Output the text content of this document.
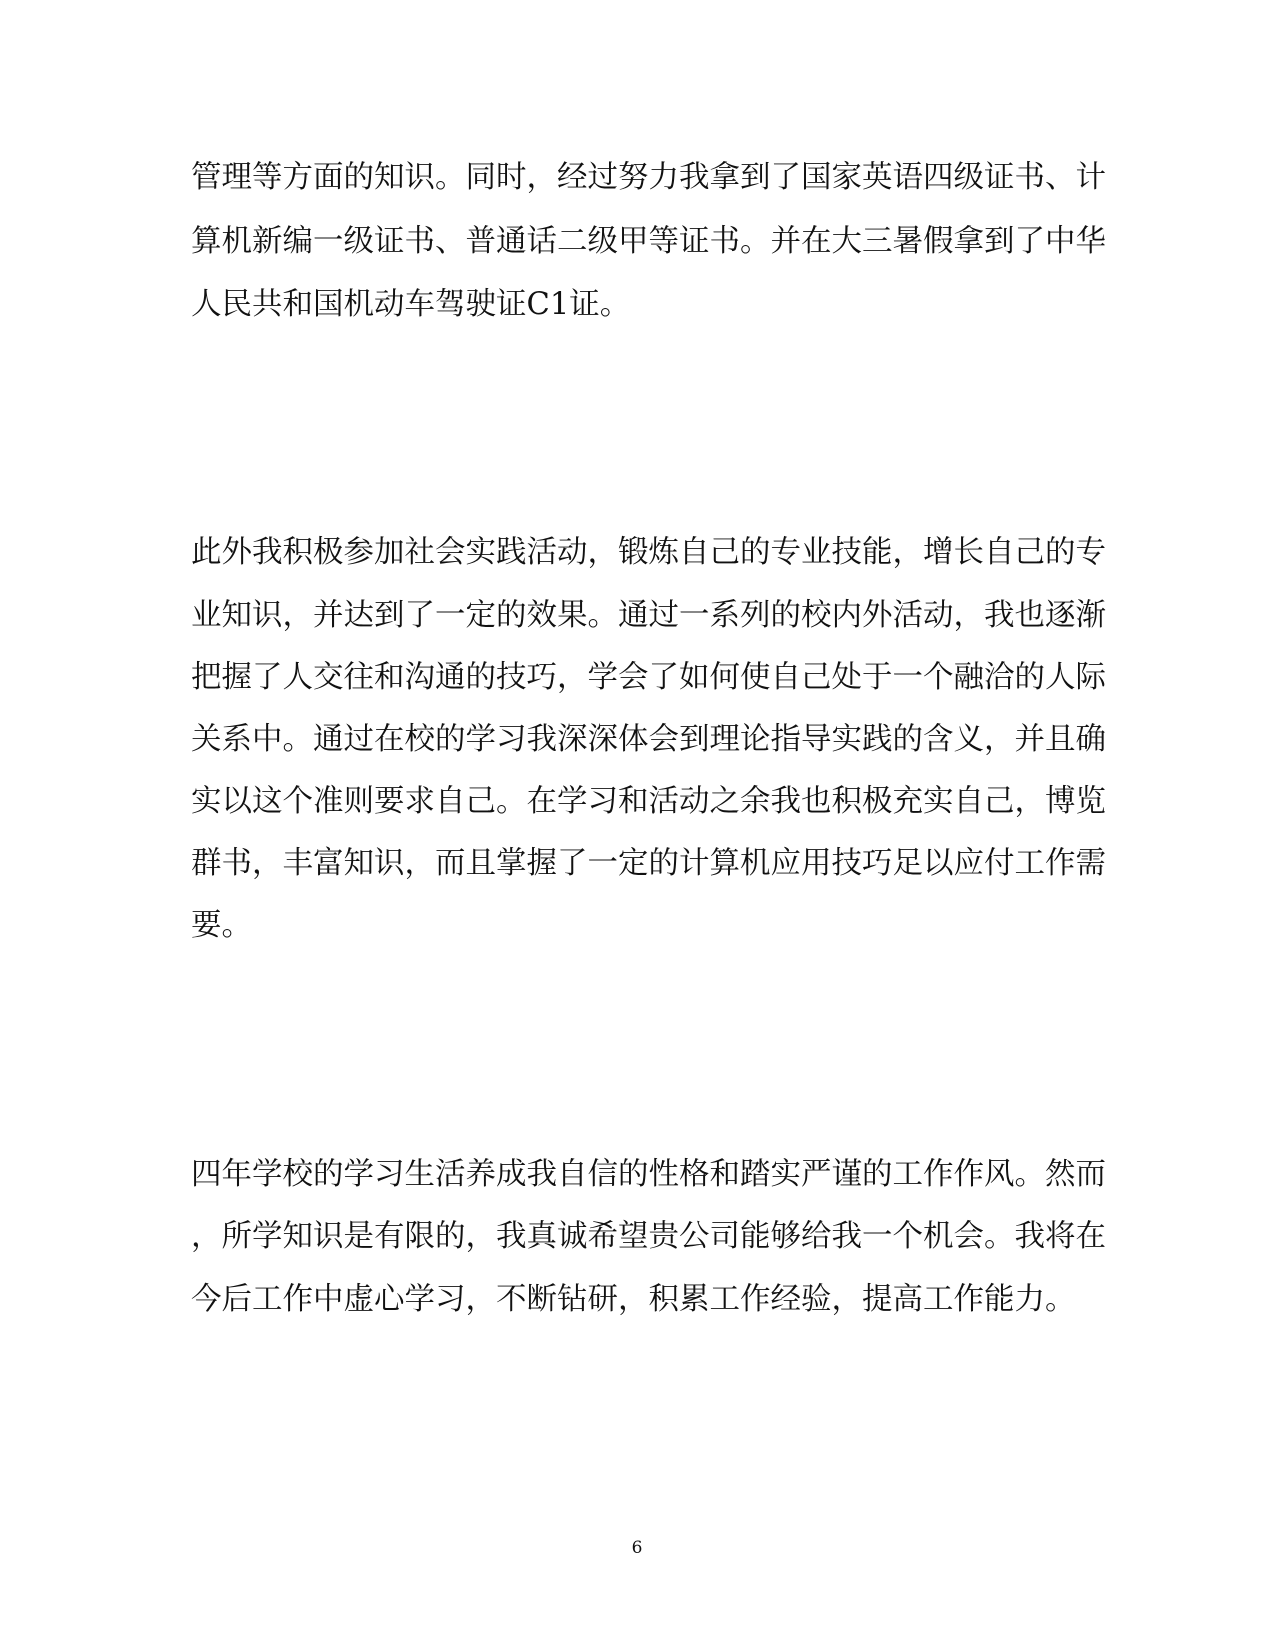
管理等方面的知识。同时，经过努力我拿到了国家英语四级证书、计

算机新编一级证书、普通话二级甲等证书。并在大三暑假拿到了中华

人民共和国机动车驾驶证C1证。

此外我积极参加社会实践活动，锻炼自己的专业技能，增长自己的专

业知识，并达到了一定的效果。通过一系列的校内外活动，我也逐渐

把握了人交往和沟通的技巧，学会了如何使自己处于一个融洽的人际

关系中。通过在校的学习我深深体会到理论指导实践的含义，并且确

实以这个准则要求自己。在学习和活动之余我也积极充实自己，博览

群书，丰富知识，而且掌握了一定的计算机应用技巧足以应付工作需

要。

四年学校的学习生活养成我自信的性格和踏实严谨的工作作风。然而

，所学知识是有限的，我真诚希望贵公司能够给我一个机会。我将在

今后工作中虚心学习，不断钻研，积累工作经验，提高工作能力。

6
